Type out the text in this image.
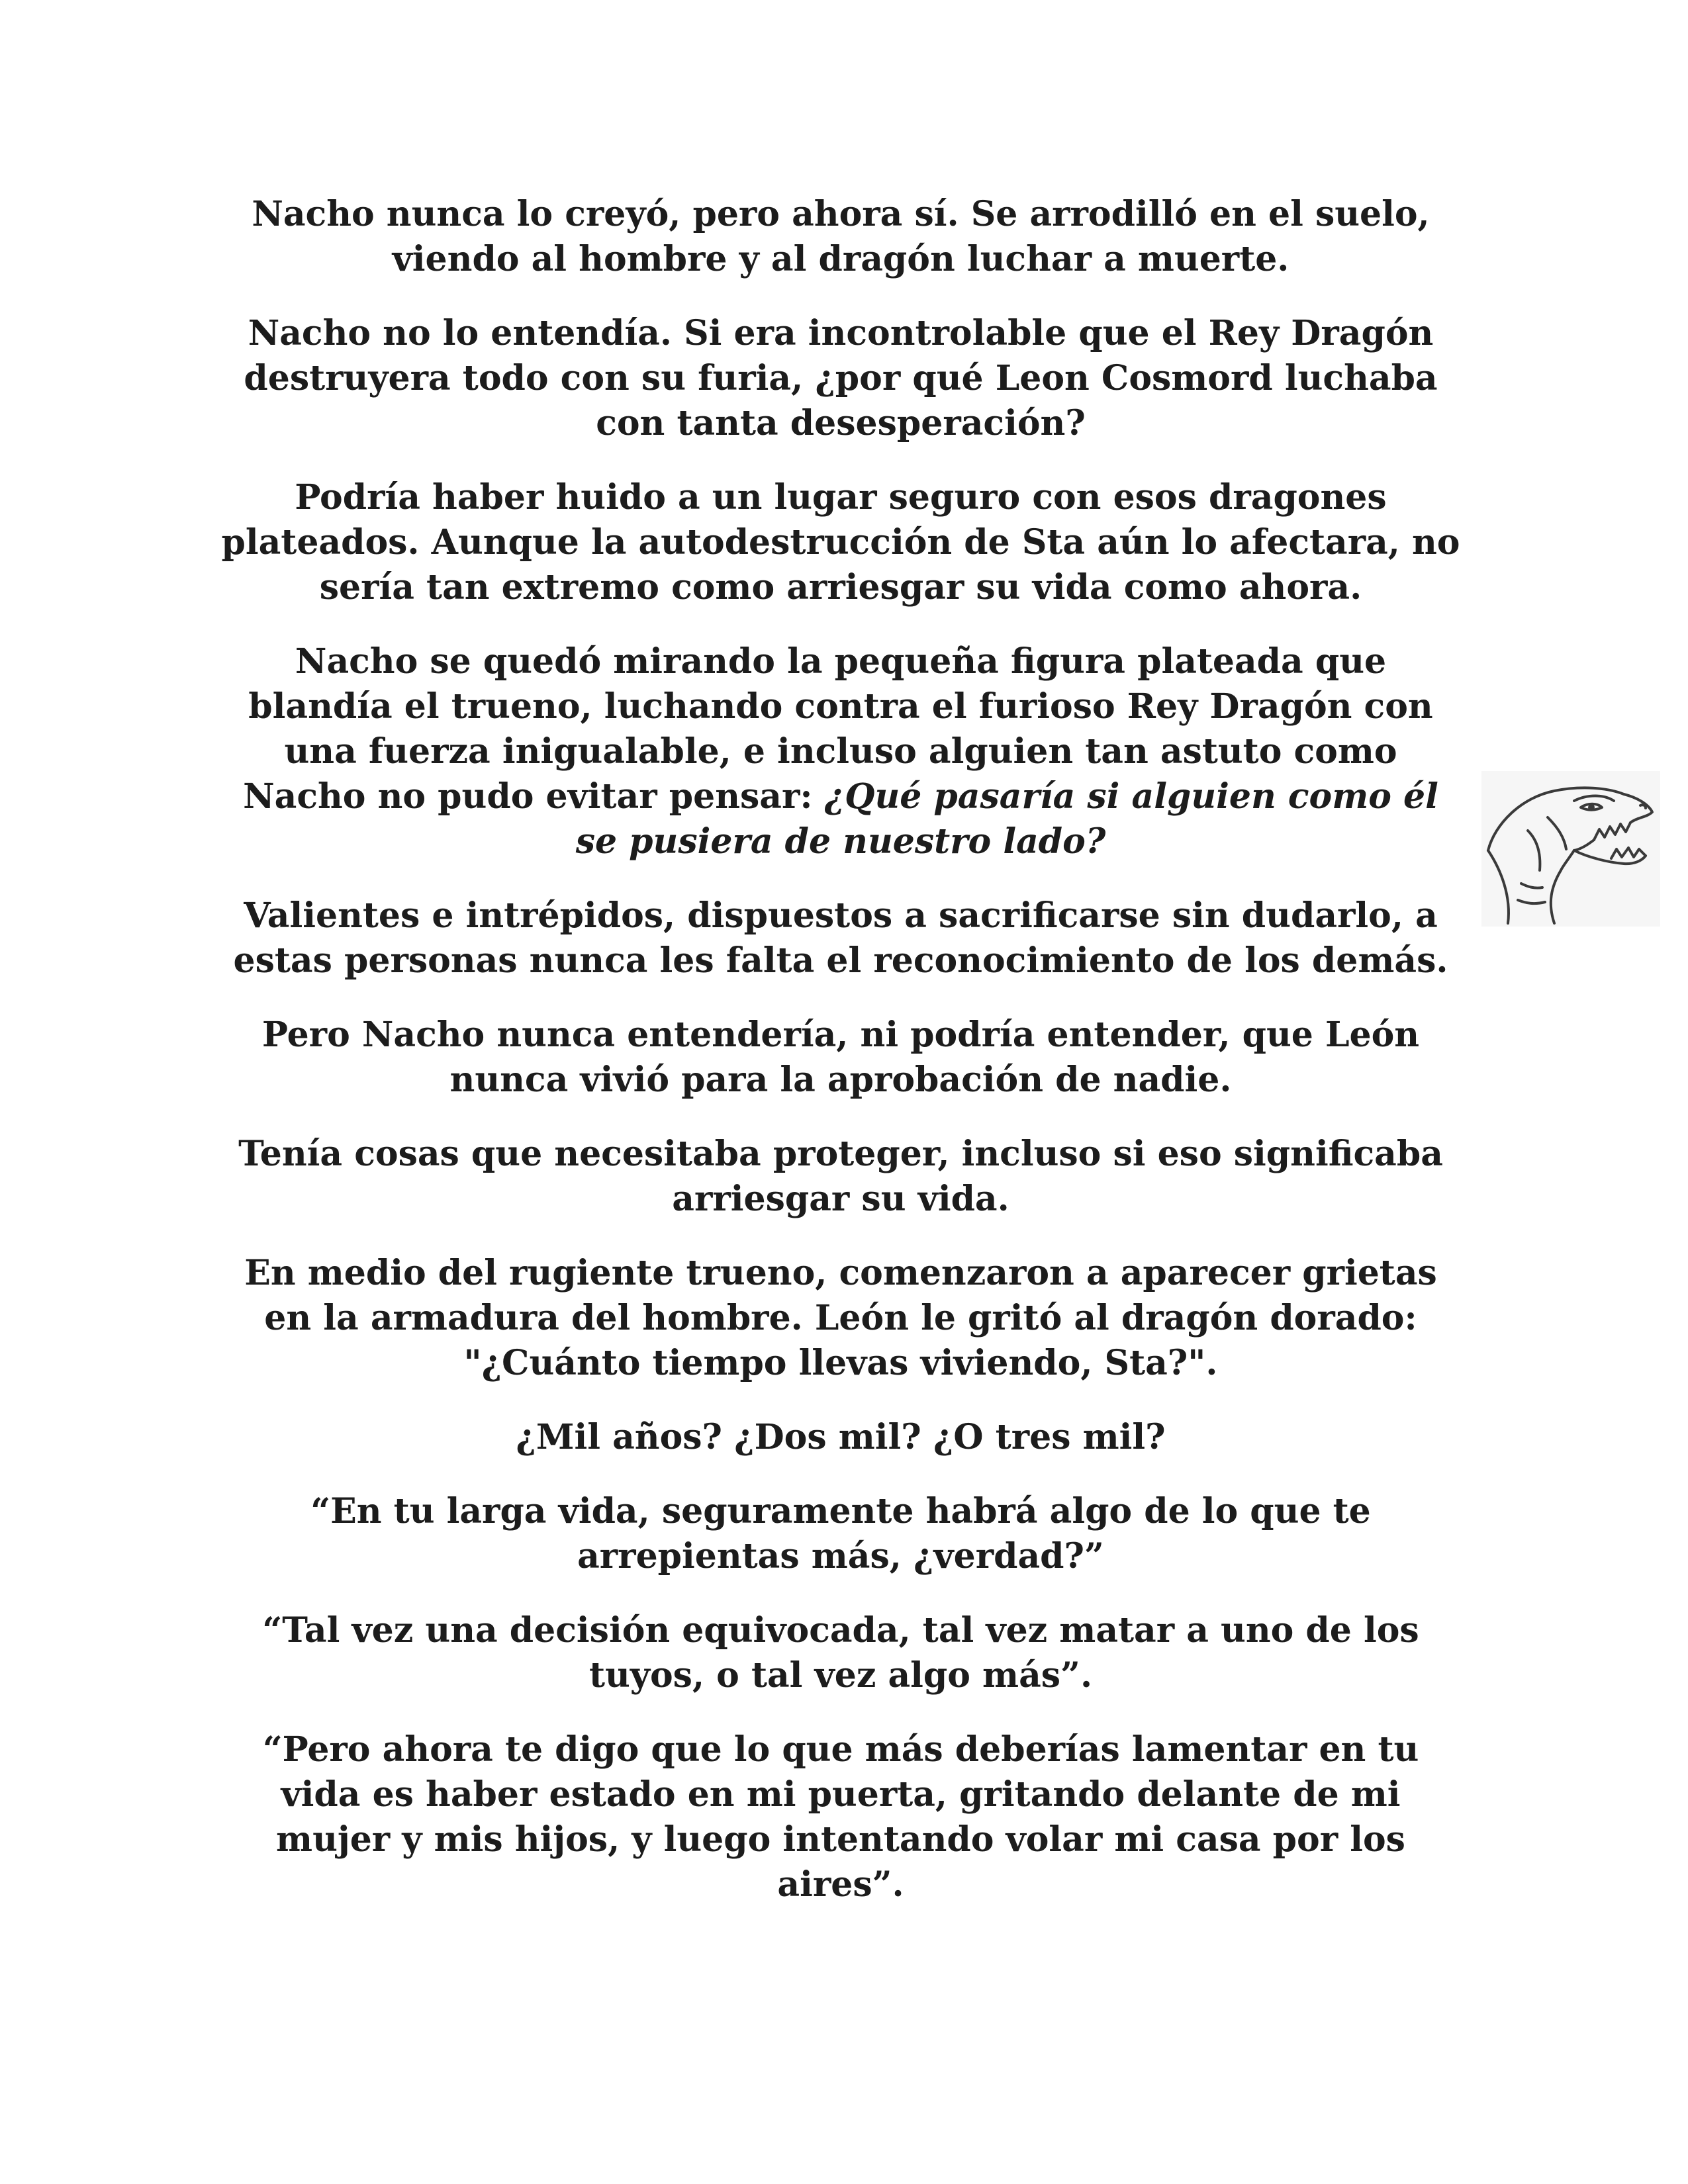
Nacho nunca lo creyó, pero ahora sí. Se arrodilló en el suelo, viendo al hombre y al dragón luchar a muerte.

Nacho no lo entendía. Si era incontrolable que el Rey Dragón destruyera todo con su furia, ¿por qué Leon Cosmord luchaba con tanta desesperación?

Podría haber huido a un lugar seguro con esos dragones plateados. Aunque la autodestrucción de Sta aún lo afectara, no sería tan extremo como arriesgar su vida como ahora.

Nacho se quedó mirando la pequeña figura plateada que blandía el trueno, luchando contra el furioso Rey Dragón con una fuerza inigualable, e incluso alguien tan astuto como Nacho no pudo evitar pensar: ¿Qué pasaría si alguien como él se pusiera de nuestro lado?

Valientes e intrépidos, dispuestos a sacrificarse sin dudarlo, a estas personas nunca les falta el reconocimiento de los demás.

Pero Nacho nunca entendería, ni podría entender, que León nunca vivió para la aprobación de nadie.

Tenía cosas que necesitaba proteger, incluso si eso significaba arriesgar su vida.

En medio del rugiente trueno, comenzaron a aparecer grietas en la armadura del hombre. León le gritó al dragón dorado: "¿Cuánto tiempo llevas viviendo, Sta?".

¿Mil años? ¿Dos mil? ¿O tres mil?

“En tu larga vida, seguramente habrá algo de lo que te arrepientas más, ¿verdad?”

“Tal vez una decisión equivocada, tal vez matar a uno de los tuyos, o tal vez algo más”.

“Pero ahora te digo que lo que más deberías lamentar en tu vida es haber estado en mi puerta, gritando delante de mi mujer y mis hijos, y luego intentando volar mi casa por los aires”.
